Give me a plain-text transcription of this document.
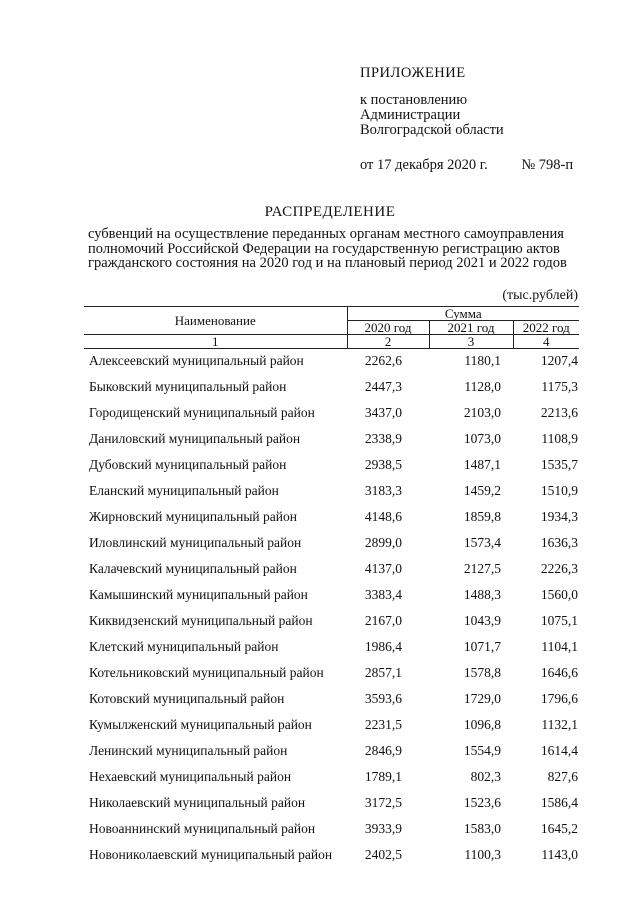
ПРИЛОЖЕНИЕ
к постановлению
Администрации
Волгоградской области
от 17 декабря 2020 г. № 798-п
РАСПРЕДЕЛЕНИЕ
субвенций на осуществление переданных органам местного самоуправления полномочий Российской Федерации на государственную регистрацию актов гражданского состояния на 2020 год и на плановый период 2021 и 2022 годов
(тыс.рублей)
Наименование	Сумма		
	2020 год	2021 год	2022 год
1	2	3	4
Алексеевский муниципальный район	2262,6	1180,1	1207,4
Быковский муниципальный район	2447,3	1128,0	1175,3
Городищенский муниципальный район	3437,0	2103,0	2213,6
Даниловский муниципальный район	2338,9	1073,0	1108,9
Дубовский муниципальный район	2938,5	1487,1	1535,7
Еланский муниципальный район	3183,3	1459,2	1510,9
Жирновский муниципальный район	4148,6	1859,8	1934,3
Иловлинский муниципальный район	2899,0	1573,4	1636,3
Калачевский муниципальный район	4137,0	2127,5	2226,3
Камышинский муниципальный район	3383,4	1488,3	1560,0
Киквидзенский муниципальный район	2167,0	1043,9	1075,1
Клетский муниципальный район	1986,4	1071,7	1104,1
Котельниковский муниципальный район	2857,1	1578,8	1646,6
Котовский муниципальный район	3593,6	1729,0	1796,6
Кумылженский муниципальный район	2231,5	1096,8	1132,1
Ленинский муниципальный район	2846,9	1554,9	1614,4
Нехаевский муниципальный район	1789,1	802,3	827,6
Николаевский муниципальный район	3172,5	1523,6	1586,4
Новоаннинский муниципальный район	3933,9	1583,0	1645,2
Новониколаевский муниципальный район 2402,5	1100,3	1143,0
